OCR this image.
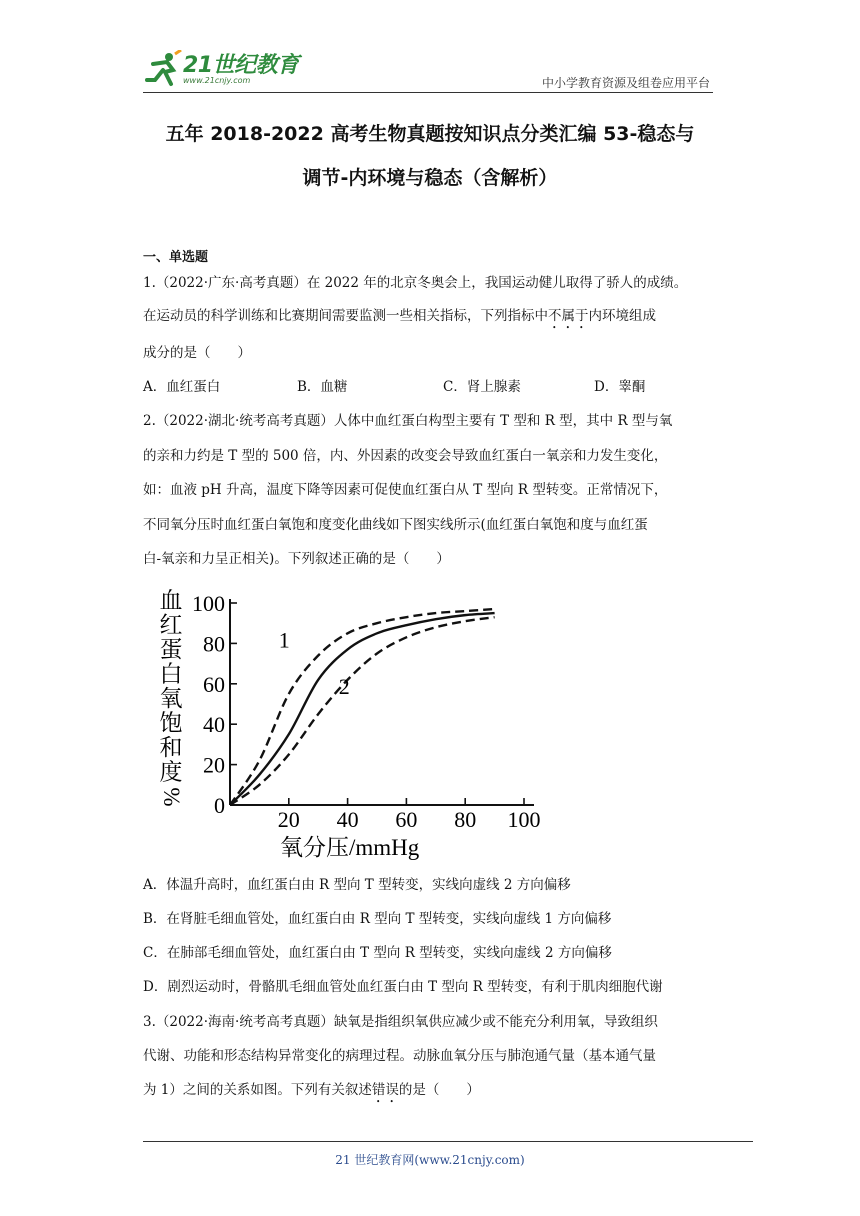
21世纪教育
www.21cnjy.com	中小学教育资源及组卷应用平台
五年 2018-2022 高考生物真题按知识点分类汇编 53-稳态与
调节-内环境与稳态（含解析）
一、单选题
1.（2022·广东·高考真题）在 2022 年的北京冬奥会上，我国运动健儿取得了骄人的成绩。
在运动员的科学训练和比赛期间需要监测一些相关指标，下列指标中不属于内环境组成
成分的是（　　）
A．血红蛋白	B．血糖	C．肾上腺素	D．睾酮
2.（2022·湖北·统考高考真题）人体中血红蛋白构型主要有 T 型和 R 型，其中 R 型与氧
的亲和力约是 T 型的 500 倍，内、外因素的改变会导致血红蛋白一氧亲和力发生变化，
如：血液 pH 升高，温度下降等因素可促使血红蛋白从 T 型向 R 型转变。正常情况下，
不同氧分压时血红蛋白氧饱和度变化曲线如下图实线所示(血红蛋白氧饱和度与血红蛋
白-氧亲和力呈正相关)。下列叙述正确的是（　　）
0
20
40
60
80
100
20 40 60 80 100
血
红
蛋
白
氧
饱
和
度
%
氧分压/mmHg
1
2
A．体温升高时，血红蛋白由 R 型向 T 型转变，实线向虚线 2 方向偏移
B．在肾脏毛细血管处，血红蛋白由 R 型向 T 型转变，实线向虚线 1 方向偏移
C．在肺部毛细血管处，血红蛋白由 T 型向 R 型转变，实线向虚线 2 方向偏移
D．剧烈运动时，骨骼肌毛细血管处血红蛋白由 T 型向 R 型转变，有利于肌肉细胞代谢
3.（2022·海南·统考高考真题）缺氧是指组织氧供应减少或不能充分利用氧，导致组织
代谢、功能和形态结构异常变化的病理过程。动脉血氧分压与肺泡通气量（基本通气量
为 1）之间的关系如图。下列有关叙述错误的是（　　）
21 世纪教育网(www.21cnjy.com)
